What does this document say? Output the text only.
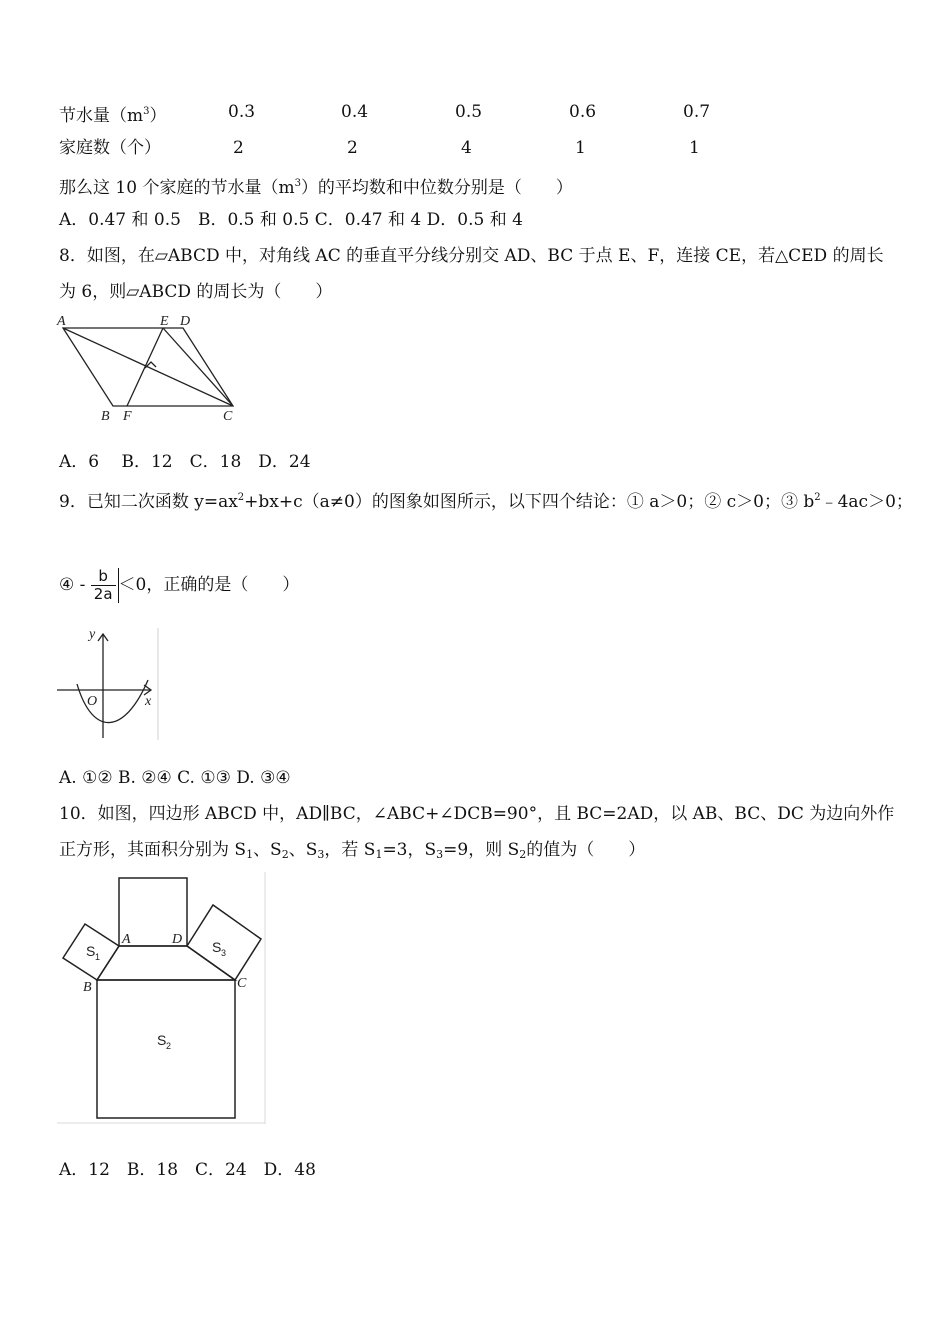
节水量$(m^3)$	0.3	0.4	0.5	0.6	0.7
家庭数（个）	2	2	4	1	1
那么这 10 个家庭的节水量$(m^3)$的平均数和中位数分别是（　　）
A．0.47 和 0.5　B．0.5 和 0.5 C．0.47 和 4 D．0.5 和 4
8．如图，在▱ABCD 中，对角线 AC 的垂直平分线分别交 AD、BC 于点 E、F，连接 CE，若△CED 的周长
为 6，则▱ABCD 的周长为（　　）
A	E D
B F	C
A．6　 B．12　C．18　D．24
9．已知二次函数 $y=ax^2+bx+c(a\ne 0)$的图象如图所示，以下四个结论：① a＞0；② c＞0；③ $b^2﹣4ac>0$；
④ - $\frac{b}{2a} <0$，正确的是（　　）
y
O	x
A. ①② B. ②④ C. ①③ D. ③④
10．如图，四边形 ABCD 中，AD∥BC，∠ABC+∠DCB=90°，且 BC=2AD，以 AB、BC、DC 为边向外作
正方形，其面积分别为 $S_1$、$S_2$、$S_3$，若 $S_1=3$，$S_3=9$，则 $S_2$的值为（　　）
A	D
B	C
S 1
S 3
S 2
A．12　B．18　C．24　D．48
